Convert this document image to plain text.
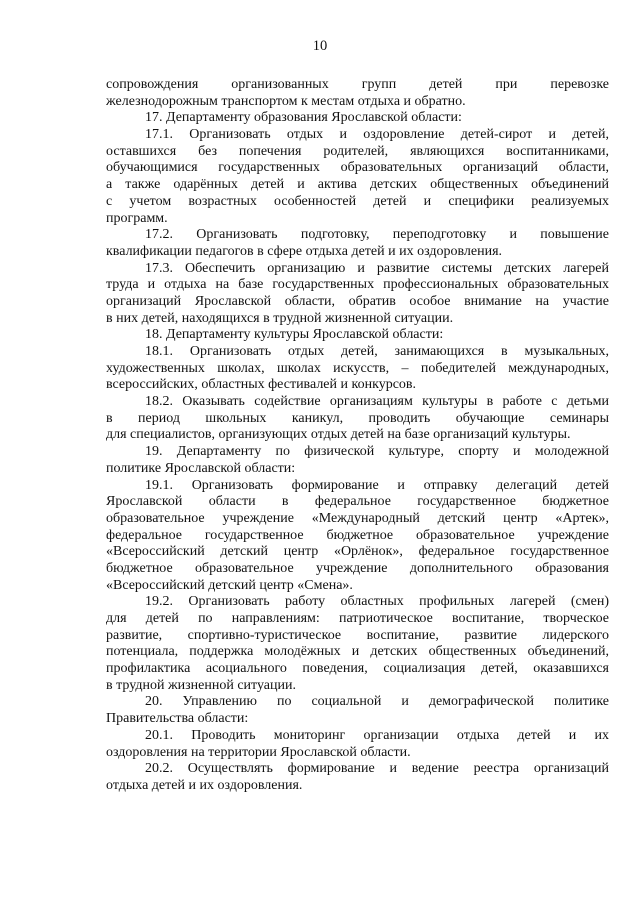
10
сопровождения организованных групп детей при перевозке
железнодорожным транспортом к местам отдыха и обратно.
17. Департаменту образования Ярославской области:
17.1. Организовать отдых и оздоровление детей-сирот и детей,
оставшихся без попечения родителей, являющихся воспитанниками,
обучающимися государственных образовательных организаций области,
а также одарённых детей и актива детских общественных объединений
с учетом возрастных особенностей детей и специфики реализуемых
программ.
17.2. Организовать подготовку, переподготовку и повышение
квалификации педагогов в сфере отдыха детей и их оздоровления.
17.3. Обеспечить организацию и развитие системы детских лагерей
труда и отдыха на базе государственных профессиональных образовательных
организаций Ярославской области, обратив особое внимание на участие
в них детей, находящихся в трудной жизненной ситуации.
18. Департаменту культуры Ярославской области:
18.1. Организовать отдых детей, занимающихся в музыкальных,
художественных школах, школах искусств, – победителей международных,
всероссийских, областных фестивалей и конкурсов.
18.2. Оказывать содействие организациям культуры в работе с детьми
в период школьных каникул, проводить обучающие семинары
для специалистов, организующих отдых детей на базе организаций культуры.
19. Департаменту по физической культуре, спорту и молодежной
политике Ярославской области:
19.1. Организовать формирование и отправку делегаций детей
Ярославской области в федеральное государственное бюджетное
образовательное учреждение «Международный детский центр «Артек»,
федеральное государственное бюджетное образовательное учреждение
«Всероссийский детский центр «Орлёнок», федеральное государственное
бюджетное образовательное учреждение дополнительного образования
«Всероссийский детский центр «Смена».
19.2. Организовать работу областных профильных лагерей (смен)
для детей по направлениям: патриотическое воспитание, творческое
развитие, спортивно-туристическое воспитание, развитие лидерского
потенциала, поддержка молодёжных и детских общественных объединений,
профилактика асоциального поведения, социализация детей, оказавшихся
в трудной жизненной ситуации.
20. Управлению по социальной и демографической политике
Правительства области:
20.1. Проводить мониторинг организации отдыха детей и их
оздоровления на территории Ярославской области.
20.2. Осуществлять формирование и ведение реестра организаций
отдыха детей и их оздоровления.
